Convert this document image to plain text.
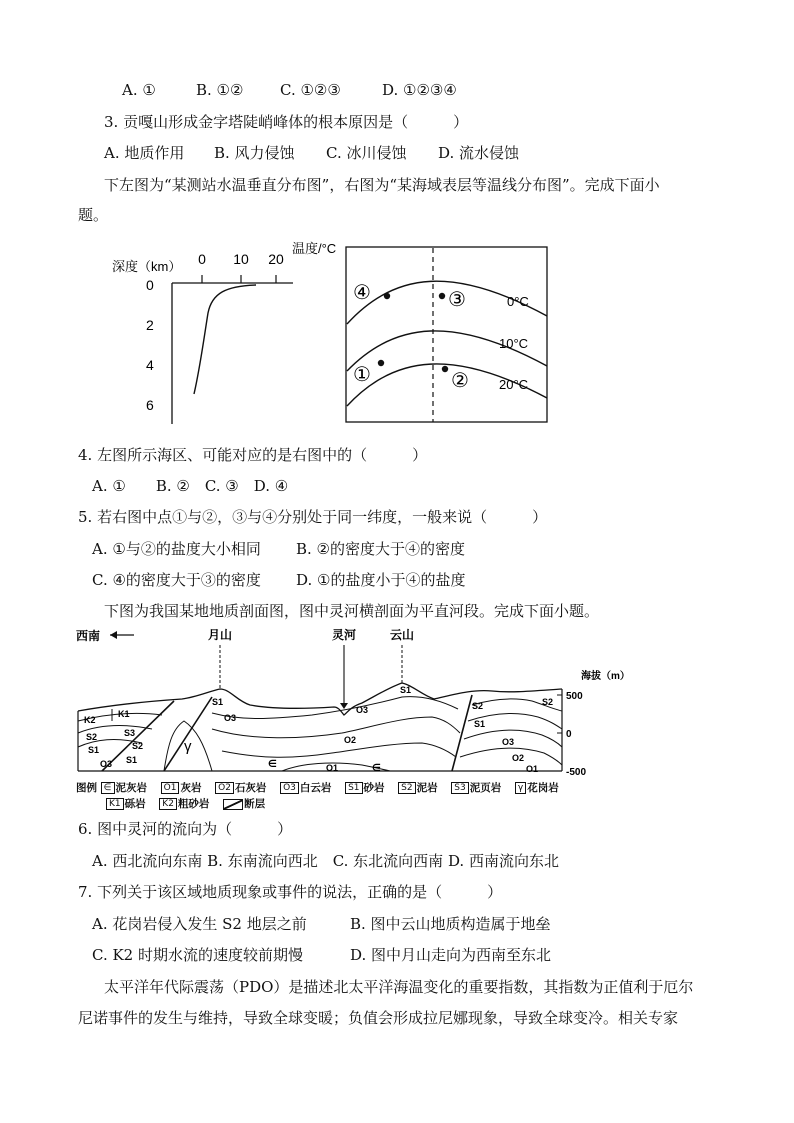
A. ①	B. ①② C. ①②③	D. ①②③④
3. 贡嘎山形成金字塔陡峭峰体的根本原因是（　　　）
A. 地质作用 B. 风力侵蚀 C. 冰川侵蚀 D. 流水侵蚀
下左图为“某测站水温垂直分布图”，右图为“某海域表层等温线分布图”。完成下面小
题。
深度（km）
温度/°C
0 10 20
0
2
4
6
0°C
10°C
20°C
④	③
①	②
4. 左图所示海区、可能对应的是右图中的（　　　）
A. ①　　B. ②　C. ③　D. ④
5. 若右图中点①与②，③与④分别处于同一纬度，一般来说（　　　）
A. ①与②的盐度大小相同 B. ②的密度大于④的密度
C. ④的密度大于③的密度 D. ①的盐度小于④的盐度
下图为我国某地地质剖面图，图中灵河横剖面为平直河段。完成下面小题。
西南	月山	灵河	云山
海拔（m）
500
0
-500
K2
K1
S3
S2
S1
O3
S2
S1
γ
S1
O3
O2
O1
∈	∈
O3
S1
S2
S1
O3
O2
O1
S2
图例 ∈ 泥灰岩 O1 灰岩 O2 石灰岩 O3 白云岩 S1 砂岩 S2 泥岩 S3 泥页岩 γ 花岗岩
K1 砾岩 K2 粗砂岩	断层
6. 图中灵河的流向为（　　　）
A. 西北流向东南 B. 东南流向西北　C. 东北流向西南 D. 西南流向东北
7. 下列关于该区域地质现象或事件的说法，正确的是（　　　）
A. 花岗岩侵入发生 S2 地层之前	B. 图中云山地质构造属于地垒
C. K2 时期水流的速度较前期慢	D. 图中月山走向为西南至东北
太平洋年代际震荡（PDO）是描述北太平洋海温变化的重要指数，其指数为正值利于厄尔
尼诺事件的发生与维持，导致全球变暖；负值会形成拉尼娜现象，导致全球变冷。相关专家
